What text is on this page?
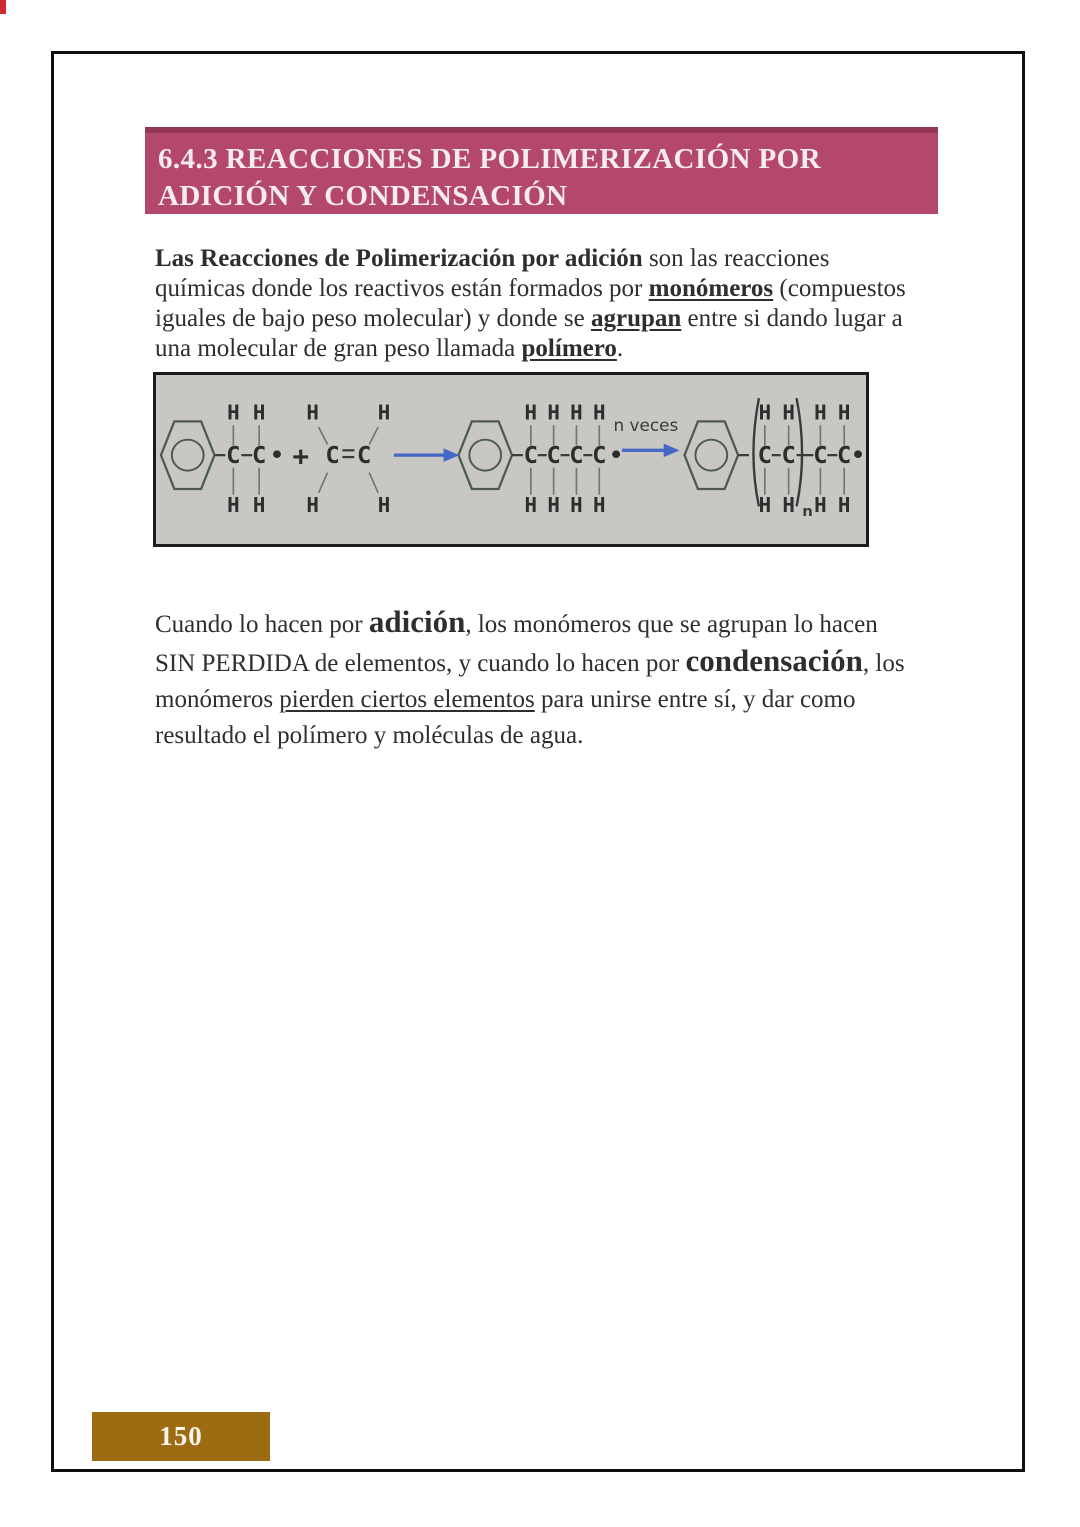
6.4.3 REACCIONES DE POLIMERIZACIÓN POR
ADICIÓN Y CONDENSACIÓN
Las Reacciones de Polimerización por adición son las reacciones
químicas donde los reactivos están formados por monómeros (compuestos
iguales de bajo peso molecular) y donde se agrupan entre si dando lugar a
una molecular de gran peso llamada polímero.
C C C C	C C C C	C C C C
H H H	H	H H H H	H H H H
H H H	H	H H H H	H H H H
+
n veces
n
Cuando lo hacen por adición, los monómeros que se agrupan lo hacen
SIN PERDIDA de elementos, y cuando lo hacen por condensación, los
monómeros pierden ciertos elementos para unirse entre sí, y dar como
resultado el polímero y moléculas de agua.
150
